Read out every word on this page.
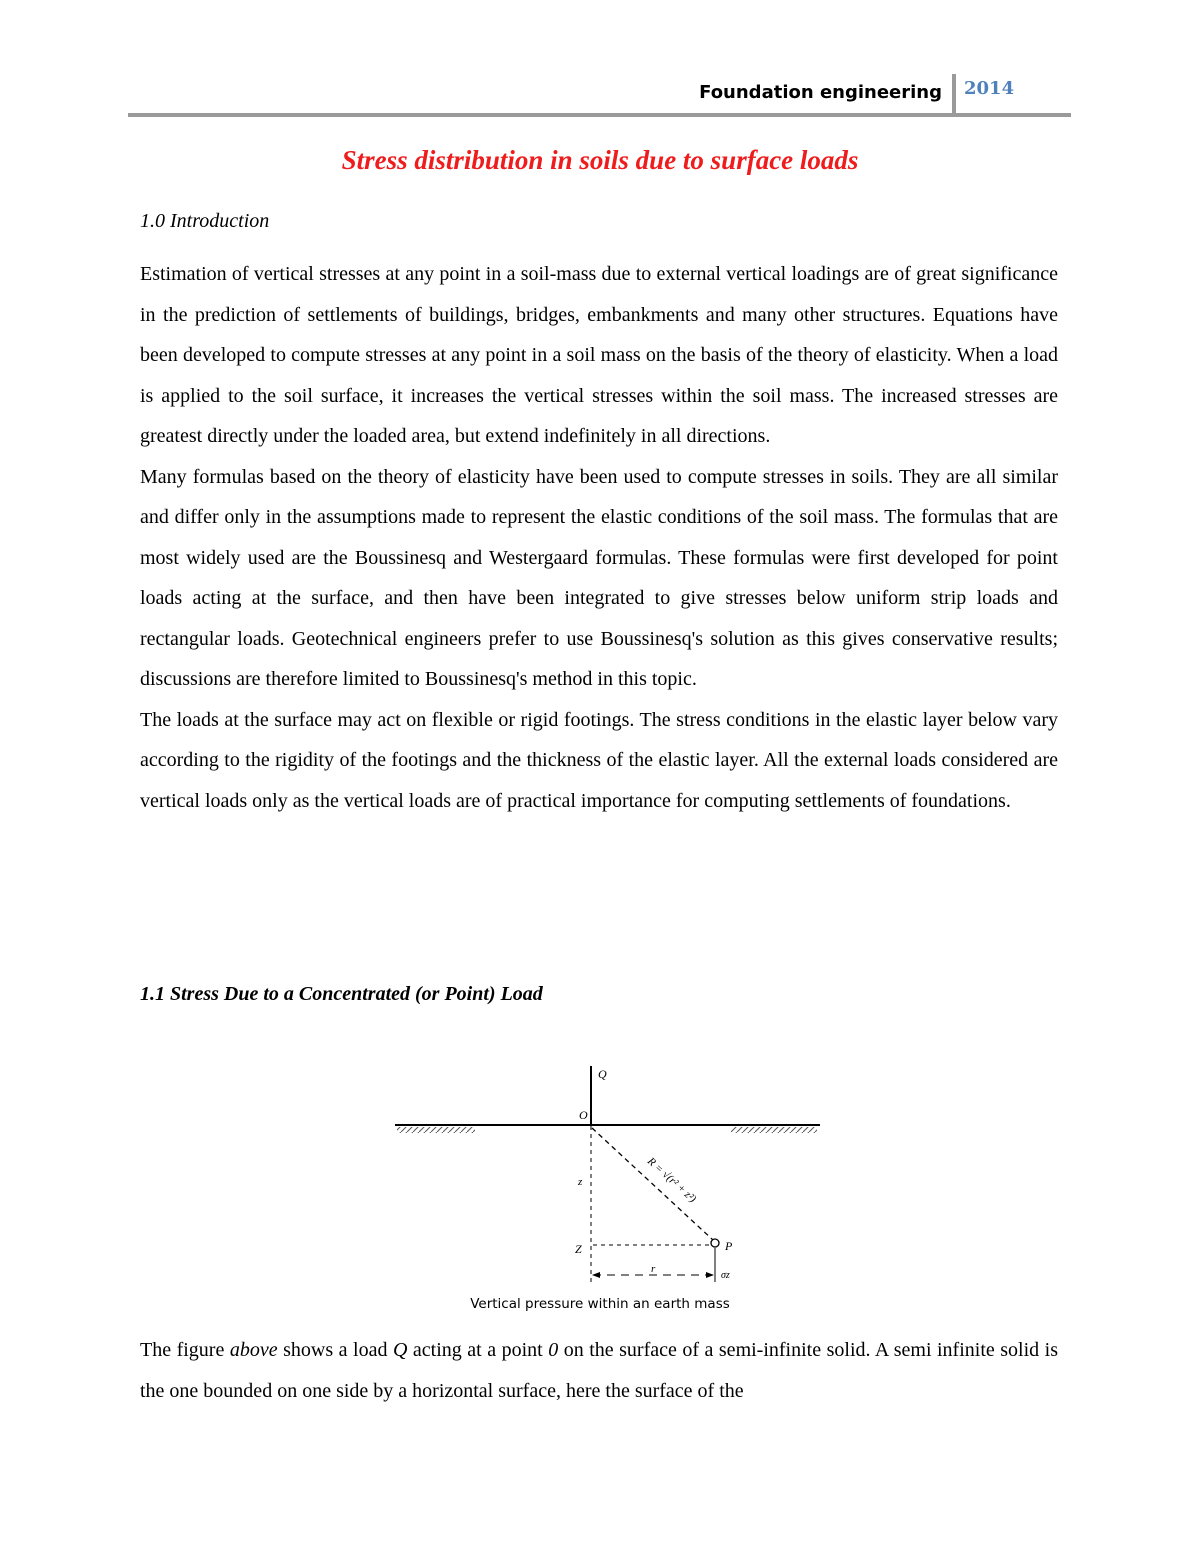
Foundation engineering 2014
Stress distribution in soils due to surface loads
1.0 Introduction

Estimation of vertical stresses at any point in a soil-mass due to external vertical loadings are of great significance in the prediction of settlements of buildings, bridges, embankments and many other structures. Equations have been developed to compute stresses at any point in a soil mass on the basis of the theory of elasticity. When a load is applied to the soil surface, it increases the vertical stresses within the soil mass. The increased stresses are greatest directly under the loaded area, but extend indefinitely in all directions.

Many formulas based on the theory of elasticity have been used to compute stresses in soils. They are all similar and differ only in the assumptions made to represent the elastic conditions of the soil mass. The formulas that are most widely used are the Boussinesq and Westergaard formulas. These formulas were first developed for point loads acting at the surface, and then have been integrated to give stresses below uniform strip loads and rectangular loads. Geotechnical engineers prefer to use Boussinesq's solution as this gives conservative results; discussions are therefore limited to Boussinesq's method in this topic.

The loads at the surface may act on flexible or rigid footings. The stress conditions in the elastic layer below vary according to the rigidity of the footings and the thickness of the elastic layer. All the external loads considered are vertical loads only as the vertical loads are of practical importance for computing settlements of foundations.

1.1 Stress Due to a Concentrated (or Point) Load
Q
O
z
Z	P
r
σz
R = √(r² + z²)
Vertical pressure within an earth mass

The figure above shows a load Q acting at a point 0 on the surface of a semi-infinite solid. A semi infinite solid is the one bounded on one side by a horizontal surface, here the surface of the
